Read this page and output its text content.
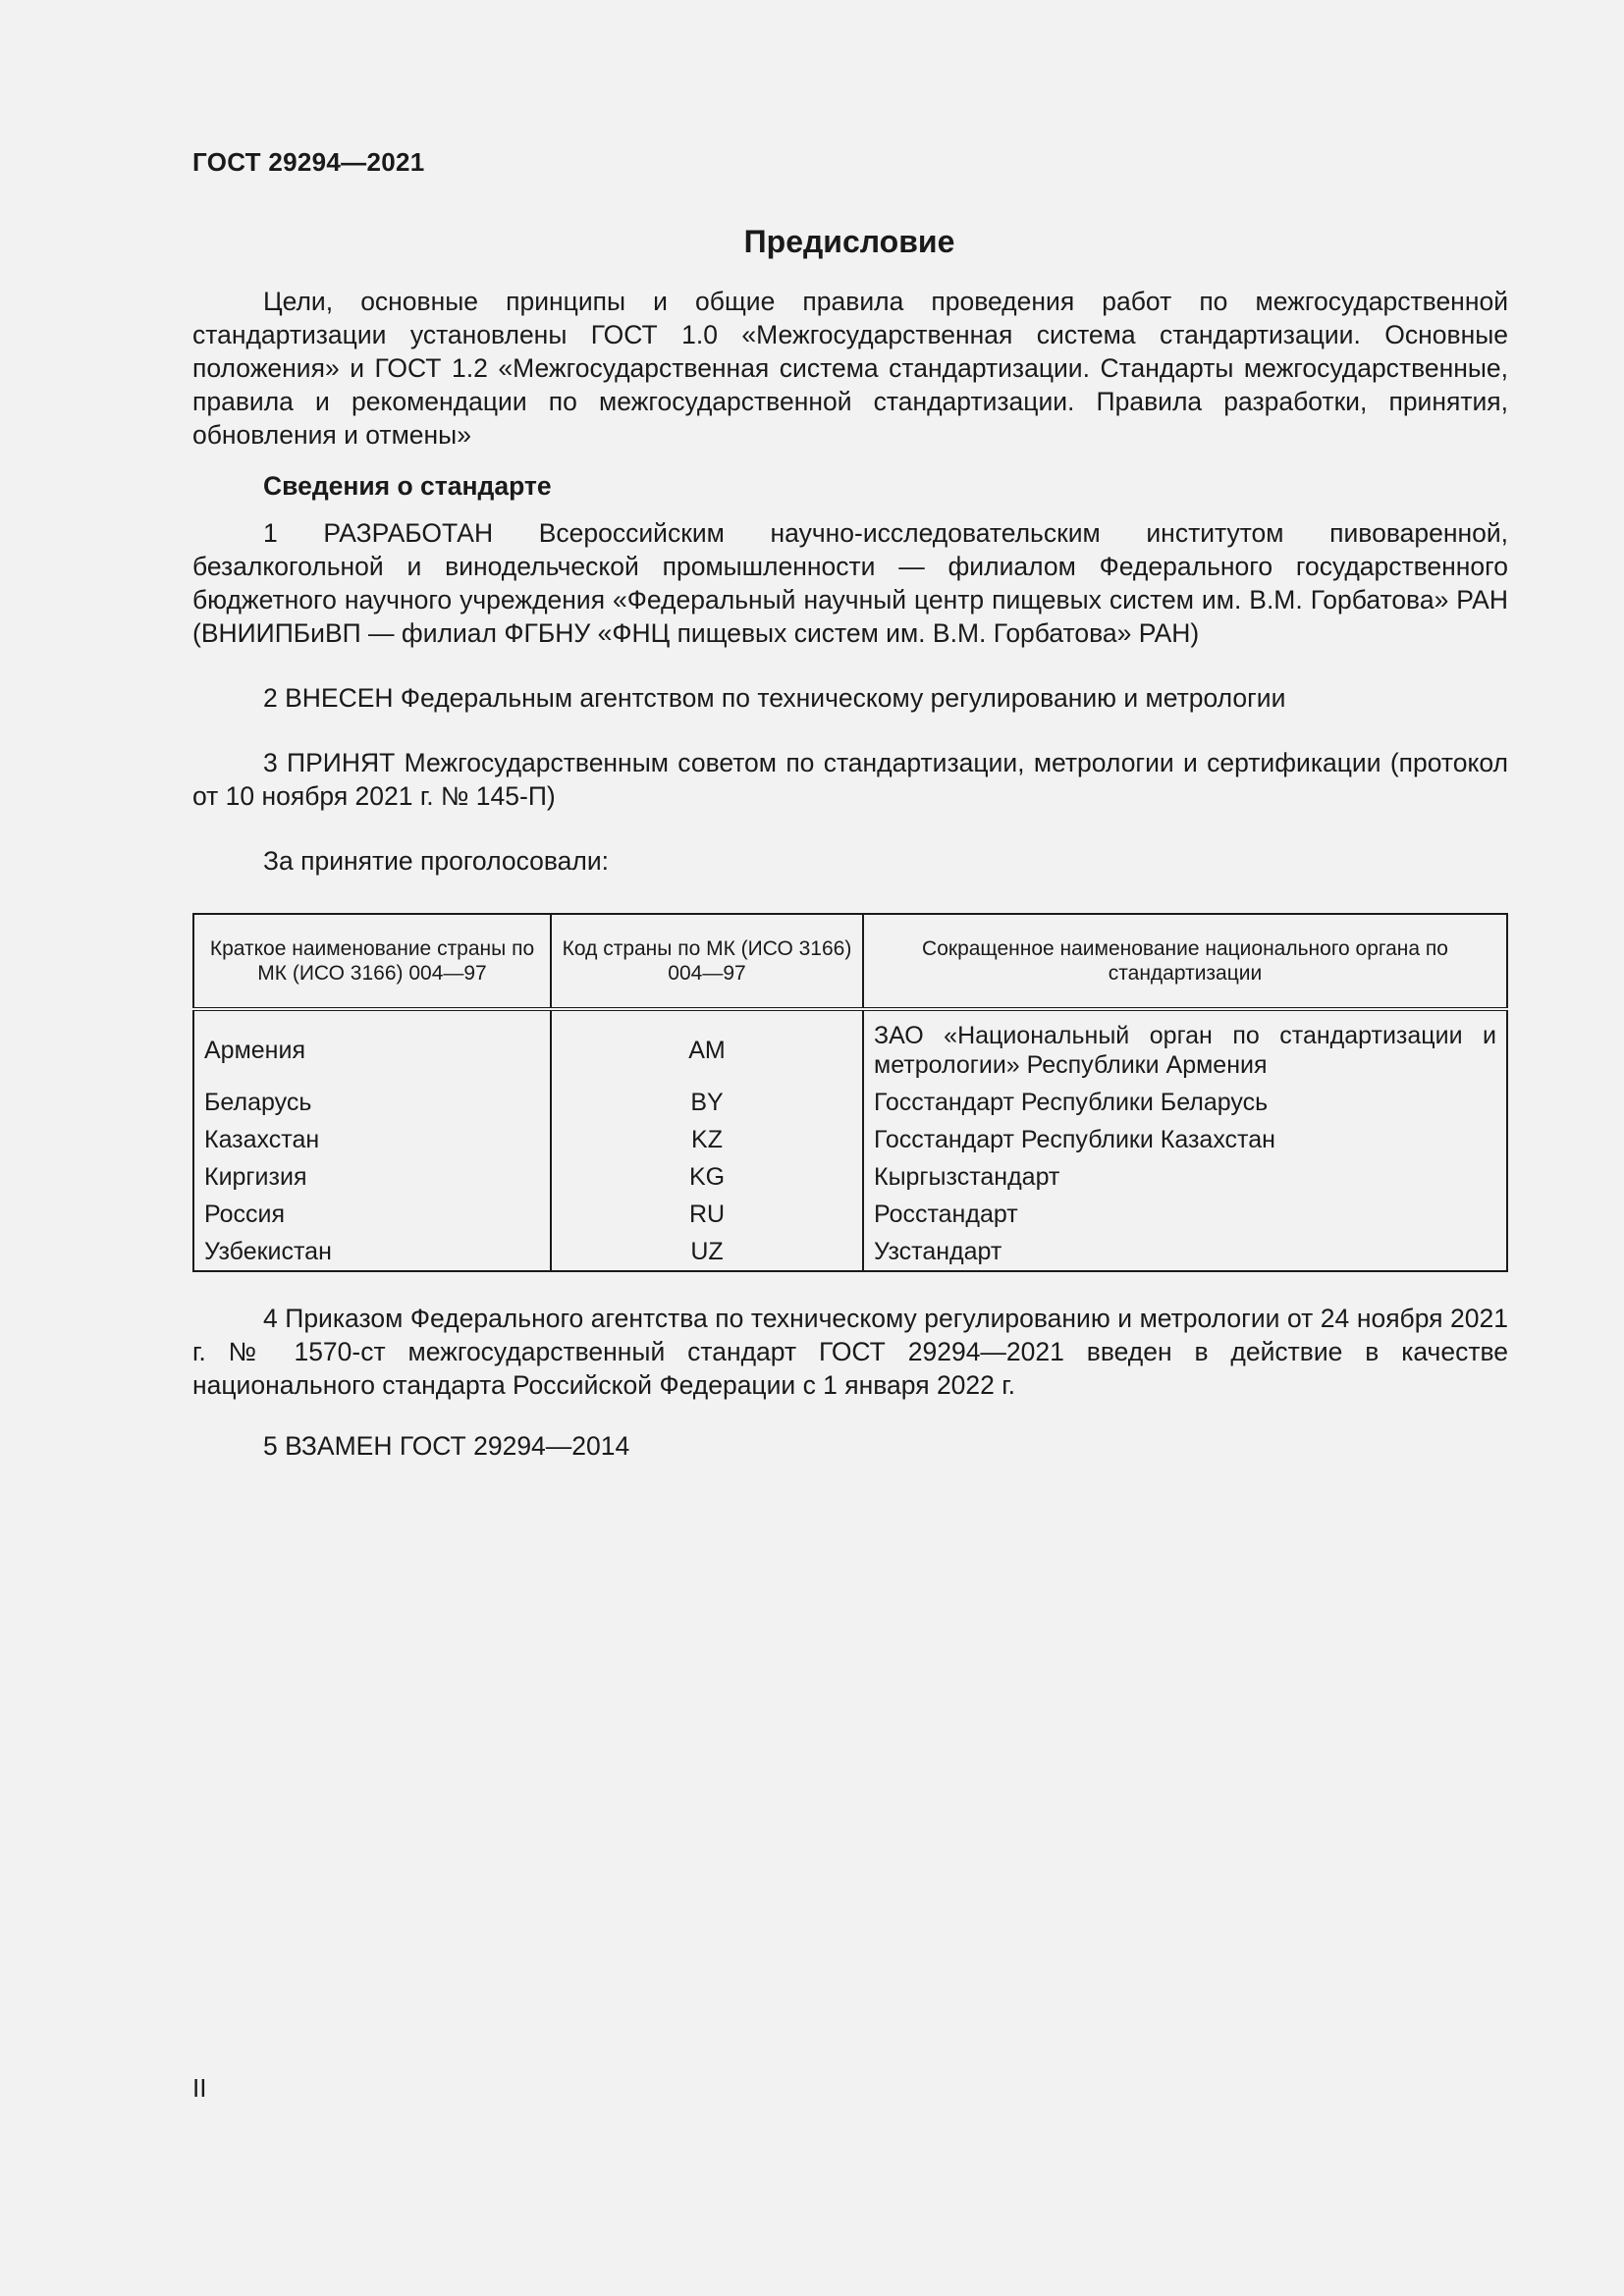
ГОСТ 29294—2021
Предисловие

Цели, основные принципы и общие правила проведения работ по межгосударственной стандартизации установлены ГОСТ 1.0 «Межгосударственная система стандартизации. Основные положения» и ГОСТ 1.2 «Межгосударственная система стандартизации. Стандарты межгосударственные, правила и рекомендации по межгосударственной стандартизации. Правила разработки, принятия, обновления и отмены»

Сведения о стандарте

1 РАЗРАБОТАН Всероссийским научно-исследовательским институтом пивоваренной, безалкогольной и винодельческой промышленности — филиалом Федерального государственного бюджетного научного учреждения «Федеральный научный центр пищевых систем им. В.М. Горбатова» РАН (ВНИИПБиВП — филиал ФГБНУ «ФНЦ пищевых систем им. В.М. Горбатова» РАН)

2 ВНЕСЕН Федеральным агентством по техническому регулированию и метрологии

3 ПРИНЯТ Межгосударственным советом по стандартизации, метрологии и сертификации (протокол от 10 ноября 2021 г. № 145-П)

За принятие проголосовали:

Краткое наименование страны по МК (ИСО 3166) 004—97	Код страны по МК (ИСО 3166) 004—97	Сокращенное наименование национального органа по стандартизации
Армения	AM	ЗАО «Национальный орган по стандартизации и метрологии» Республики Армения
Беларусь	BY	Госстандарт Республики Беларусь
Казахстан	KZ	Госстандарт Республики Казахстан
Киргизия	KG	Кыргызстандарт
Россия	RU	Росстандарт
Узбекистан	UZ	Узстандарт

4 Приказом Федерального агентства по техническому регулированию и метрологии от 24 ноября 2021 г. № 1570-ст межгосударственный стандарт ГОСТ 29294—2021 введен в действие в качестве национального стандарта Российской Федерации с 1 января 2022 г.

5 ВЗАМЕН ГОСТ 29294—2014

II
